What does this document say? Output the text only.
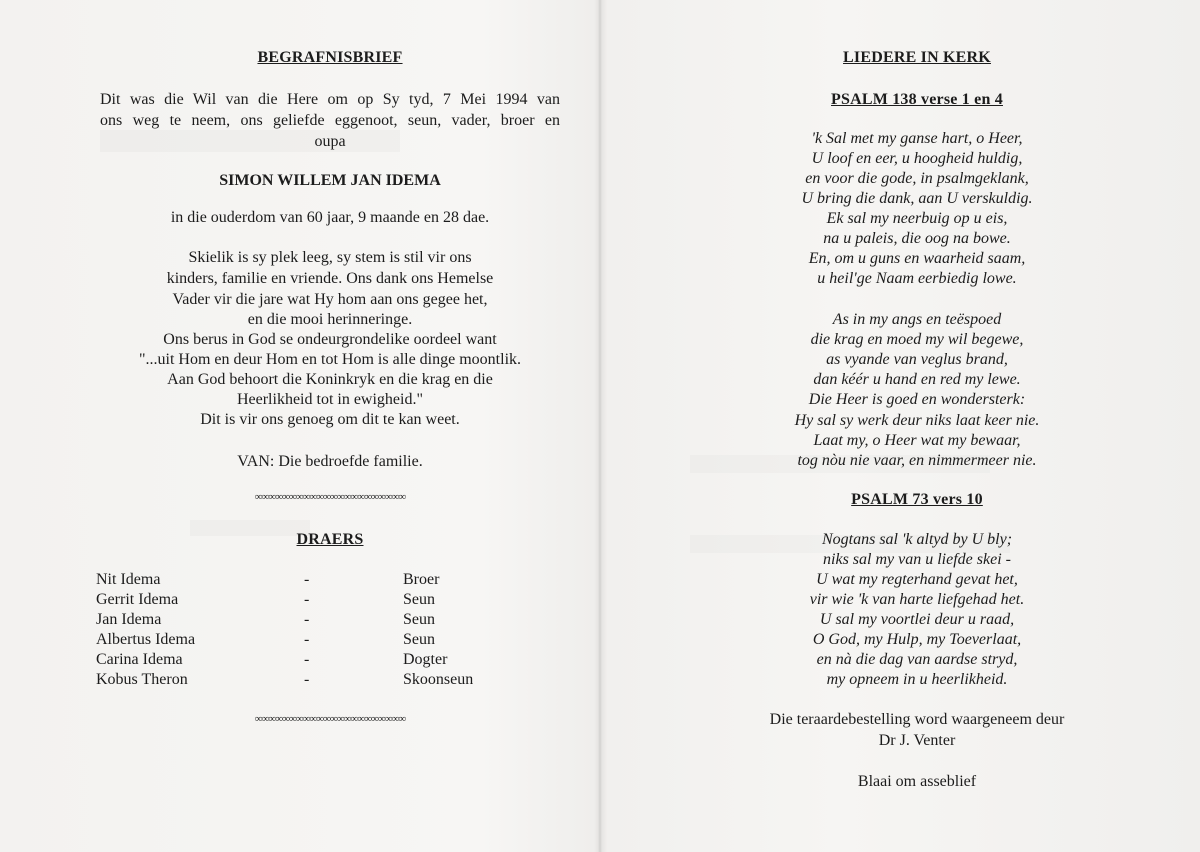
BEGRAFNISBRIEF
Dit was die Wil van die Here om op Sy tyd, 7 Mei 1994 van
ons weg te neem, ons geliefde eggenoot, seun, vader, broer en
oupa
SIMON WILLEM JAN IDEMA
in die ouderdom van 60 jaar, 9 maande en 28 dae.
Skielik is sy plek leeg, sy stem is stil vir ons
kinders, familie en vriende. Ons dank ons Hemelse
Vader vir die jare wat Hy hom aan ons gegee het,
en die mooi herinneringe.
Ons berus in God se ondeurgrondelike oordeel want
"...uit Hom en deur Hom en tot Hom is alle dinge moontlik.
Aan God behoort die Koninkryk en die krag en die
Heerlikheid tot in ewigheid."
Dit is vir ons genoeg om dit te kan weet.
VAN: Die bedroefde familie.
∞∞∞∞∞∞∞∞∞∞∞∞∞∞∞∞∞∞∞∞∞∞
DRAERS
Nit Idema	-	Broer
Gerrit Idema	-	Seun
Jan Idema	-	Seun
Albertus Idema	-	Seun
Carina Idema	-	Dogter
Kobus Theron	-	Skoonseun
∞∞∞∞∞∞∞∞∞∞∞∞∞∞∞∞∞∞∞∞∞∞
LIEDERE IN KERK
PSALM 138 verse 1 en 4
'k Sal met my ganse hart, o Heer,
U loof en eer, u hoogheid huldig,
en voor die gode, in psalmgeklank,
U bring die dank, aan U verskuldig.
Ek sal my neerbuig op u eis,
na u paleis, die oog na bowe.
En, om u guns en waarheid saam,
u heil'ge Naam eerbiedig lowe.
As in my angs en teëspoed
die krag en moed my wil begewe,
as vyande van veglus brand,
dan kéér u hand en red my lewe.
Die Heer is goed en wondersterk:
Hy sal sy werk deur niks laat keer nie.
Laat my, o Heer wat my bewaar,
tog nòu nie vaar, en nimmermeer nie.
PSALM 73 vers 10
Nogtans sal 'k altyd by U bly;
niks sal my van u liefde skei -
U wat my regterhand gevat het,
vir wie 'k van harte liefgehad het.
U sal my voortlei deur u raad,
O God, my Hulp, my Toeverlaat,
en nà die dag van aardse stryd,
my opneem in u heerlikheid.
Die teraardebestelling word waargeneem deur
Dr J. Venter
Blaai om asseblief
